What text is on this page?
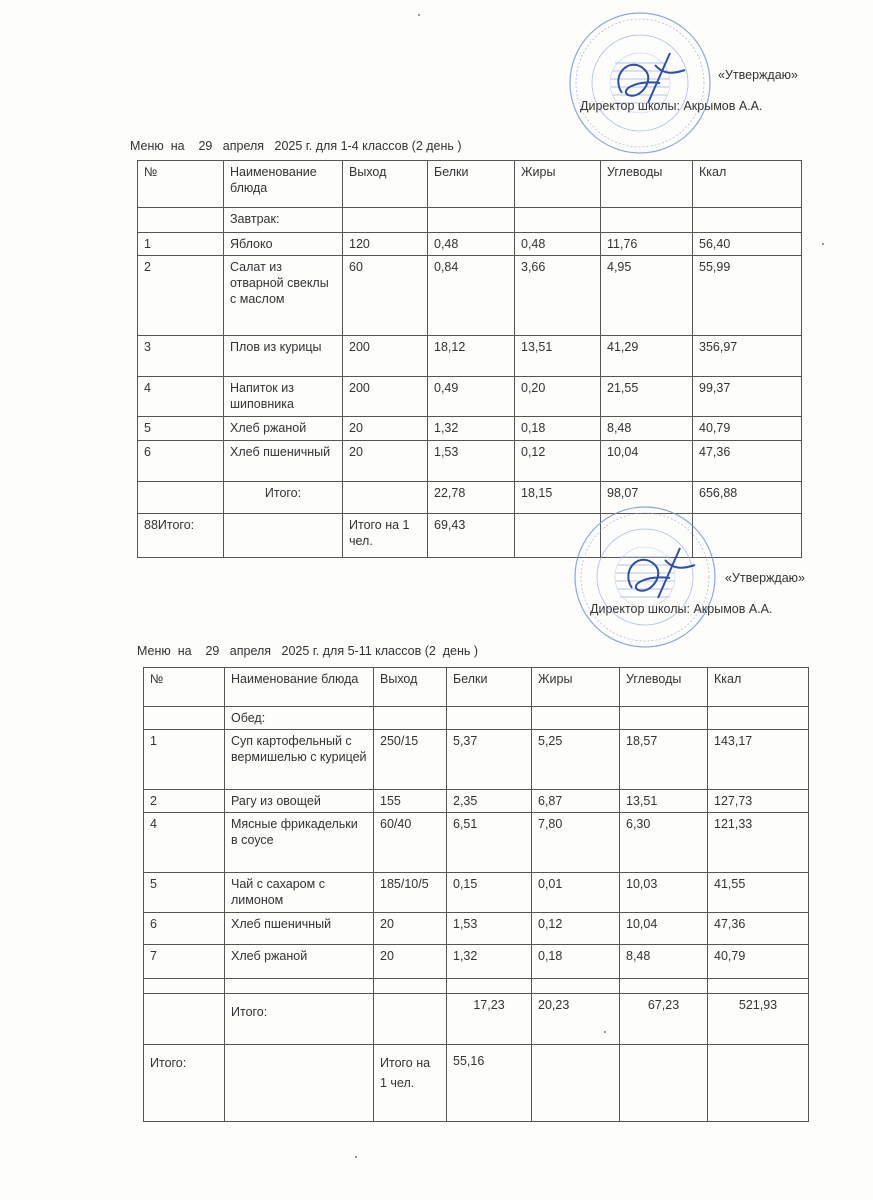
«Утверждаю»
Директор школы: Акрымов А.А.
Меню  на    29   апреля   2025 г. для 1-4 классов (2 день )
№	Наименование блюда	Выход	Белки	Жиры	Углеводы	Ккал
	Завтрак:					
1	Яблоко	120	0,48	0,48	11,76	56,40
2	Салат из отварной свеклы с маслом	60	0,84	3,66	4,95	55,99
3	Плов из курицы	200	18,12	13,51	41,29	356,97
4	Напиток из шиповника	200	0,49	0,20	21,55	99,37
5	Хлеб ржаной	20	1,32	0,18	8,48	40,79
6	Хлеб пшеничный	20	1,53	0,12	10,04	47,36
	Итого:		22,78	18,15	98,07	656,88
88Итого:		Итого на 1 чел.	69,43			
«Утверждаю»
Директор школы: Акрымов А.А.
Меню  на    29   апреля   2025 г. для 5-11 классов (2  день )
№	Наименование блюда	Выход	Белки	Жиры	Углеводы	Ккал
	Обед:					
1	Суп картофельный с вермишелью с курицей	250/15	5,37	5,25	18,57	143,17
2	Рагу из овощей	155	2,35	6,87	13,51	127,73
4	Мясные фрикадельки в соусе	60/40	6,51	7,80	6,30	121,33
5	Чай с сахаром с лимоном	185/10/5	0,15	0,01	10,03	41,55
6	Хлеб пшеничный	20	1,53	0,12	10,04	47,36
7	Хлеб ржаной	20	1,32	0,18	8,48	40,79

	Итого:		17,23	20,23	67,23	521,93
Итого:		Итого на 1 чел.	55,16			
